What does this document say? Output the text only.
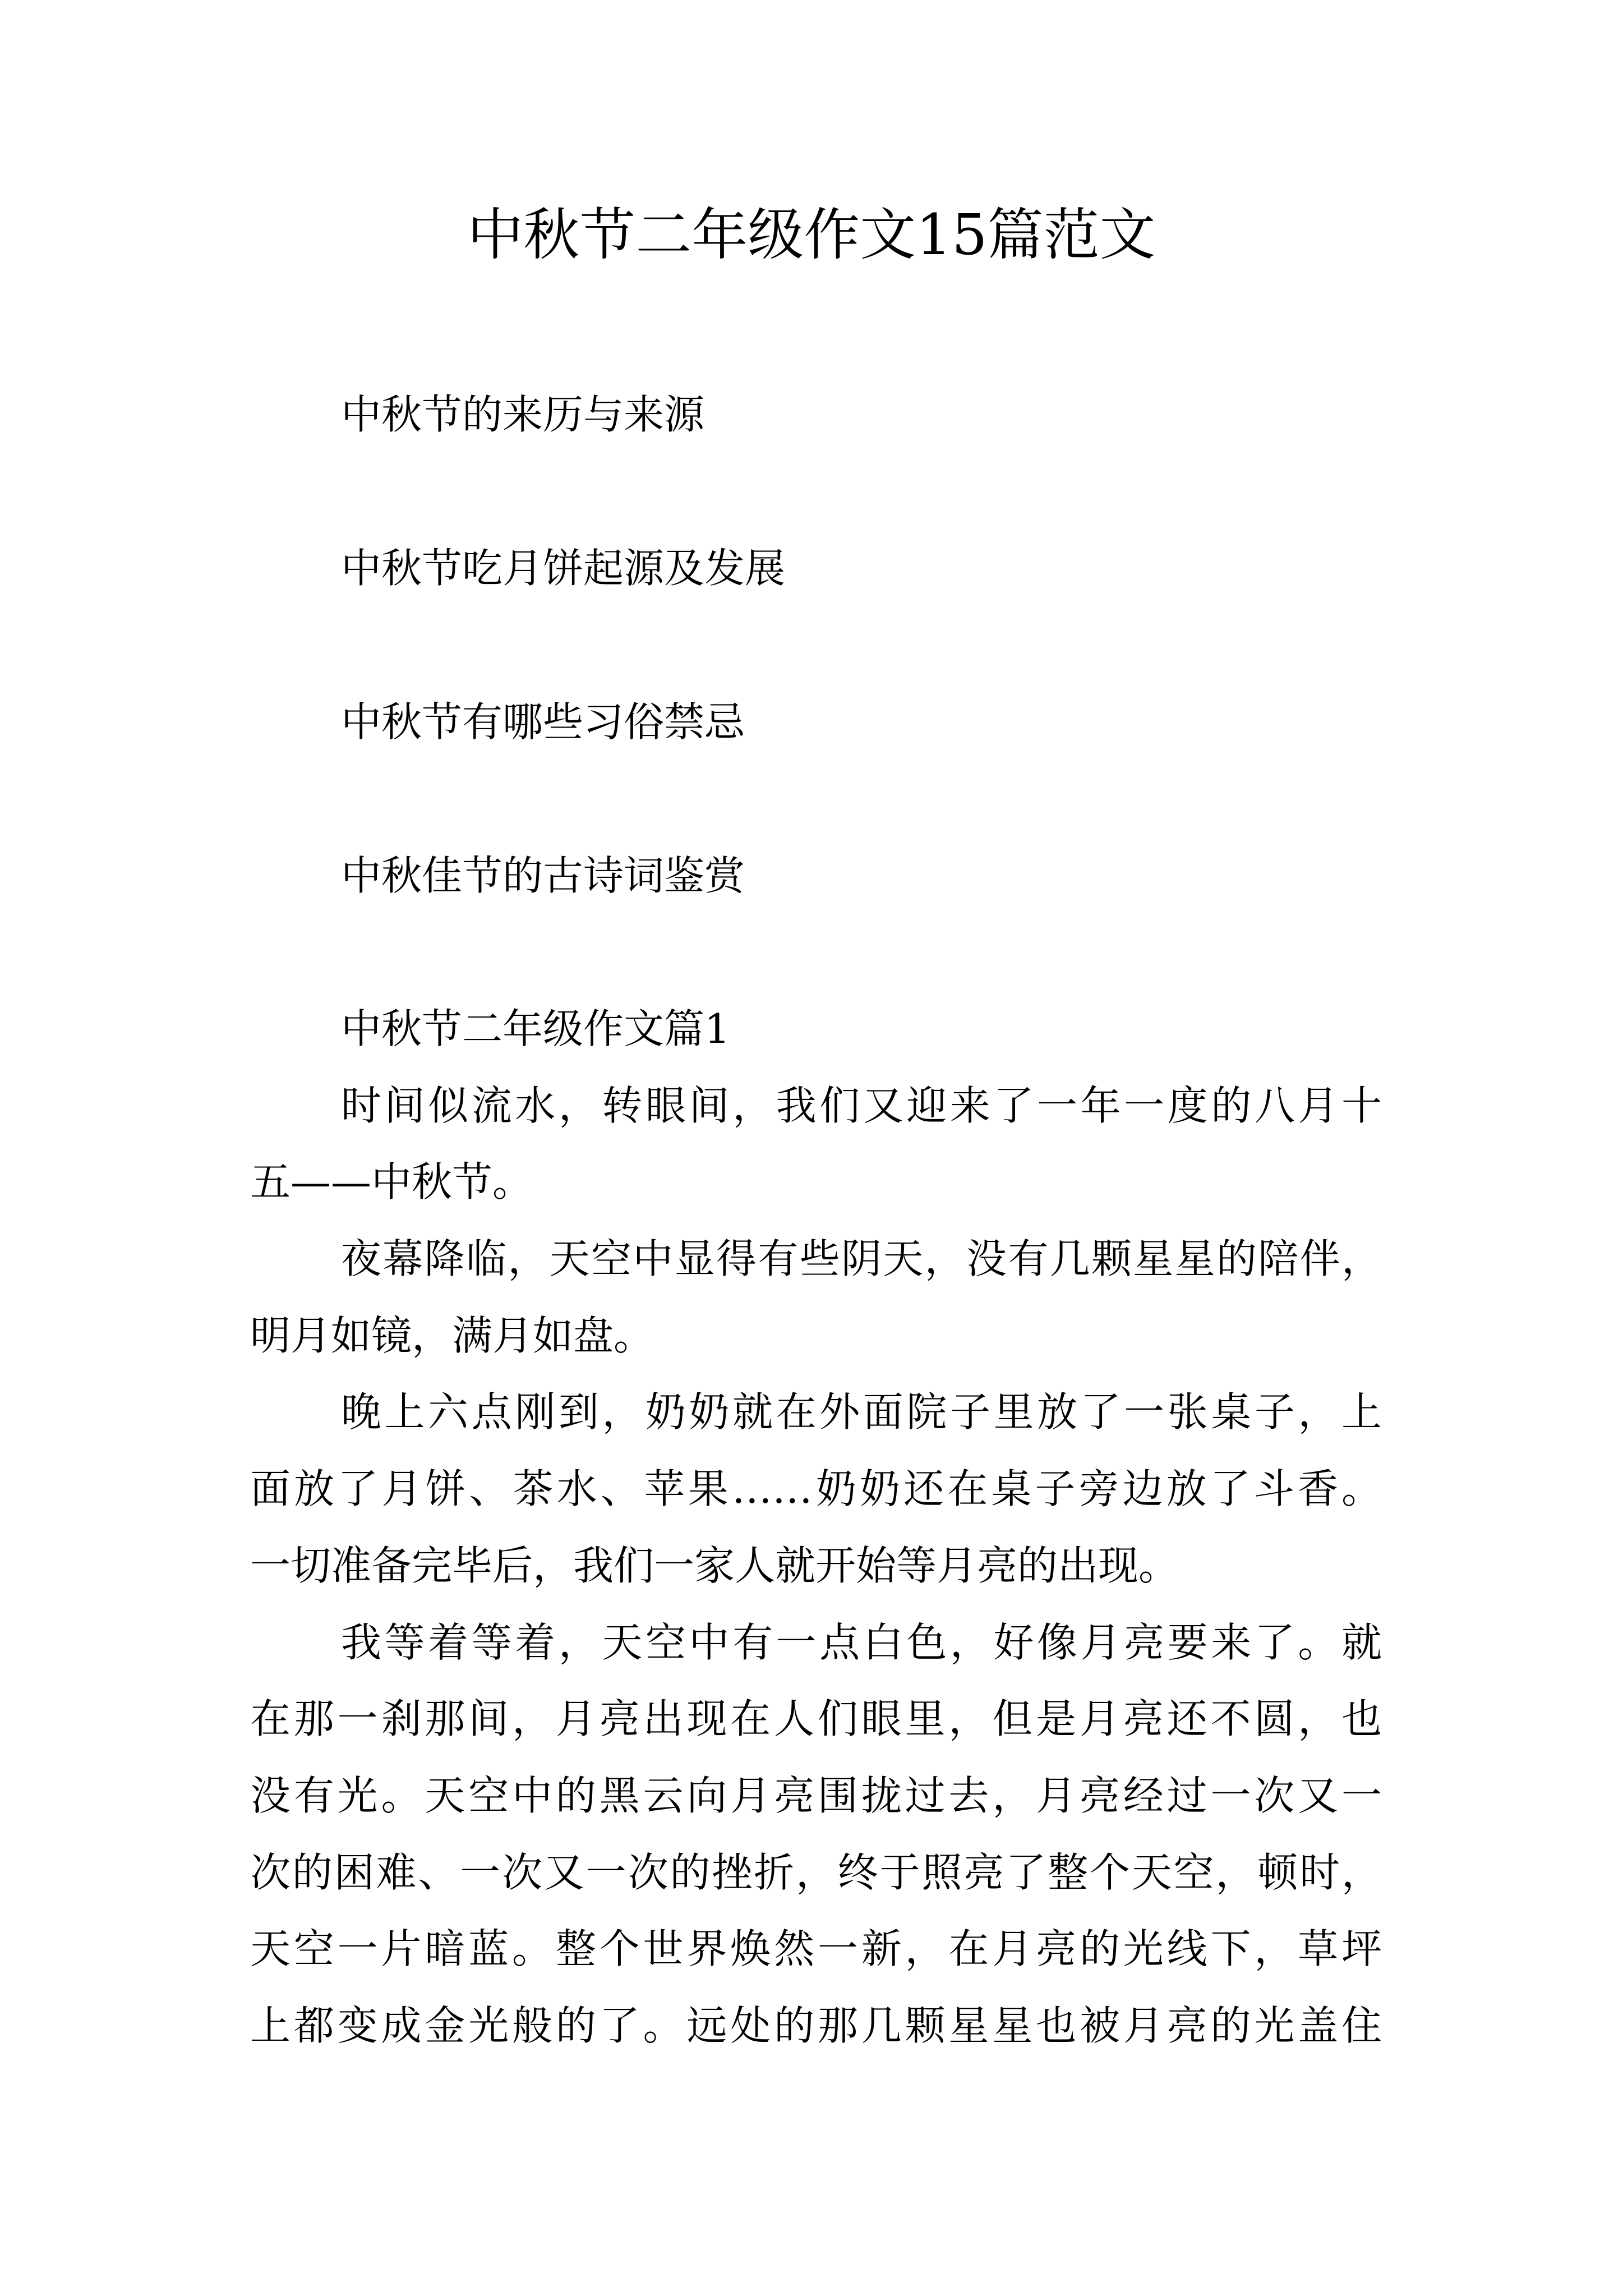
中秋节二年级作文15篇范文
中秋节的来历与来源
中秋节吃月饼起源及发展
中秋节有哪些习俗禁忌
中秋佳节的古诗词鉴赏
中秋节二年级作文篇1
时间似流水，转眼间，我们又迎来了一年一度的八月十
五——中秋节。
夜幕降临，天空中显得有些阴天，没有几颗星星的陪伴，
明月如镜，满月如盘。
晚上六点刚到，奶奶就在外面院子里放了一张桌子，上
面放了月饼、茶水、苹果……奶奶还在桌子旁边放了斗香。
一切准备完毕后，我们一家人就开始等月亮的出现。
我等着等着，天空中有一点白色，好像月亮要来了。就
在那一刹那间，月亮出现在人们眼里，但是月亮还不圆，也
没有光。天空中的黑云向月亮围拢过去，月亮经过一次又一
次的困难、一次又一次的挫折，终于照亮了整个天空，顿时，
天空一片暗蓝。整个世界焕然一新，在月亮的光线下，草坪
上都变成金光般的了。远处的那几颗星星也被月亮的光盖住
